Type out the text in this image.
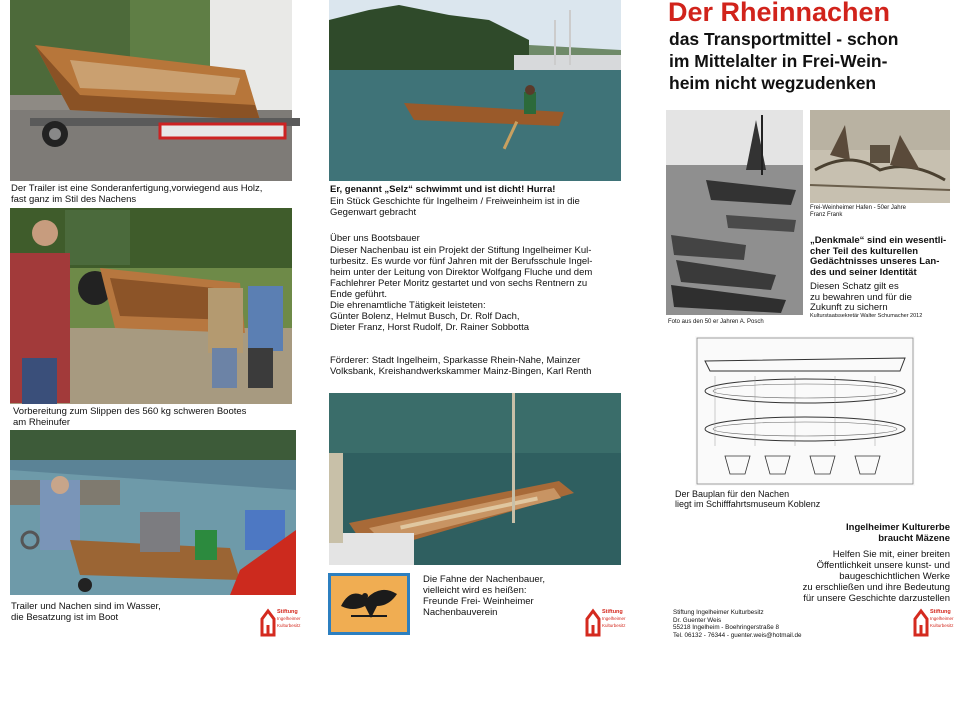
Der Trailer ist eine Sonderanfertigung,vorwiegend aus Holz,
fast ganz im Stil des Nachens
Vorbereitung zum Slippen des 560 kg schweren Bootes
am Rheinufer
Trailer und Nachen sind im Wasser,
die Besatzung ist im Boot	Stiftung
Ingelheimer
Kulturbesitz
Er, genannt „Selz“ schwimmt und ist dicht! Hurra!
Ein Stück Geschichte für Ingelheim / Freiweinheim ist in die
Gegenwart gebracht
Über uns Bootsbauer
Dieser Nachenbau ist ein Projekt der Stiftung Ingelheimer Kul-
turbesitz. Es wurde vor fünf Jahren mit der Berufsschule Ingel-
heim unter der Leitung von Direktor Wolfgang Fluche und dem
Fachlehrer Peter Moritz gestartet und von sechs Rentnern zu
Ende geführt.
Die ehrenamtliche Tätigkeit leisteten:
Günter Bolenz, Helmut Busch, Dr. Rolf Dach,
Dieter Franz, Horst Rudolf, Dr. Rainer Sobbotta
Förderer: Stadt Ingelheim, Sparkasse Rhein-Nahe, Mainzer
Volksbank, Kreishandwerkskammer Mainz-Bingen, Karl Renth
Die Fahne der Nachenbauer,
vielleicht wird es heißen:
Freunde Frei- Weinheimer
Nachenbauverein	Stiftung
Ingelheimer
Kulturbesitz
Der Rheinnachen
das Transportmittel - schon
im Mittelalter in Frei-Wein-
heim nicht wegzudenken
Foto aus den 50 er Jahren A. Posch
Frei-Weinheimer Hafen - 50er Jahre
Franz Frank
„Denkmale“ sind ein wesentli-
cher Teil des kulturellen
Gedächtnisses unseres Lan-
des und seiner Identität
Diesen Schatz gilt es
zu bewahren und für die
Zukunft zu sichern
Kulturstaatssekretär Walter Schumacher 2012
Der Bauplan für den Nachen
liegt im Schifffahrtsmuseum Koblenz
Ingelheimer Kulturerbe
braucht Mäzene
Helfen Sie mit, einer breiten
Öffentlichkeit unsere kunst- und
baugeschichtlichen Werke
zu erschließen und ihre Bedeutung
für unsere Geschichte darzustellen
Stiftung Ingelheimer Kulturbesitz
Dr. Guenter Weis
55218 Ingelheim - Boehringerstraße 8
Tel. 06132 - 76344 - guenter.weis@hotmail.de
Stiftung
Ingelheimer
Kulturbesitz
